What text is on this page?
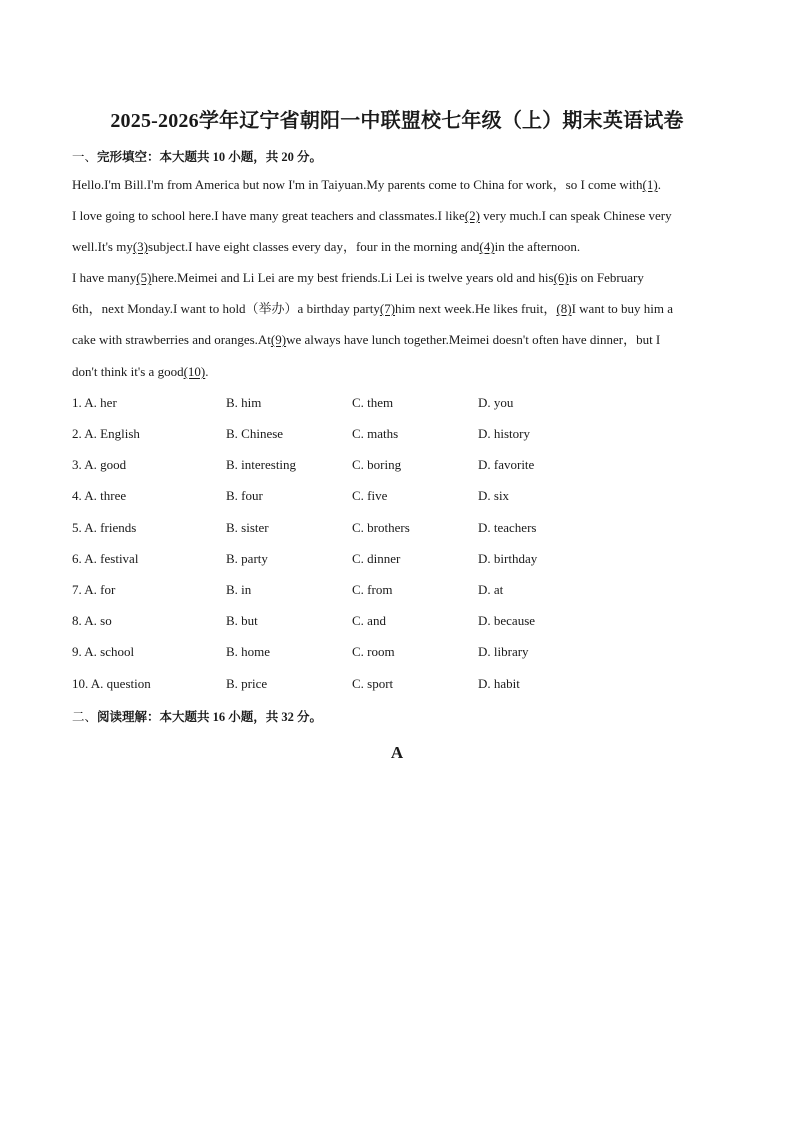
2025-2026学年辽宁省朝阳一中联盟校七年级（上）期末英语试卷
一、完形填空：本大题共 10 小题，共 20 分。
Hello.I'm Bill.I'm from America but now I'm in Taiyuan.My parents come to China for work，so I come with(1).
I love going to school here.I have many great teachers and classmates.I like(2) very much.I can speak Chinese very
well.It's my(3)subject.I have eight classes every day，four in the morning and(4)in the afternoon.
I have many(5)here.Meimei and Li Lei are my best friends.Li Lei is twelve years old and his(6)is on February
6th，next Monday.I want to hold（举办）a birthday party(7)him next week.He likes fruit，(8)I want to buy him a
cake with strawberries and oranges.At(9)we always have lunch together.Meimei doesn't often have dinner，but I
don't think it's a good(10).
1. A. her	B. him	C. them	D. you
2. A. English	B. Chinese	C. maths	D. history
3. A. good	B. interesting	C. boring	D. favorite
4. A. three	B. four	C. five	D. six
5. A. friends	B. sister	C. brothers	D. teachers
6. A. festival	B. party	C. dinner	D. birthday
7. A. for	B. in	C. from	D. at
8. A. so	B. but	C. and	D. because
9. A. school	B. home	C. room	D. library
10. A. question	B. price	C. sport	D. habit
二、阅读理解：本大题共 16 小题，共 32 分。
A
